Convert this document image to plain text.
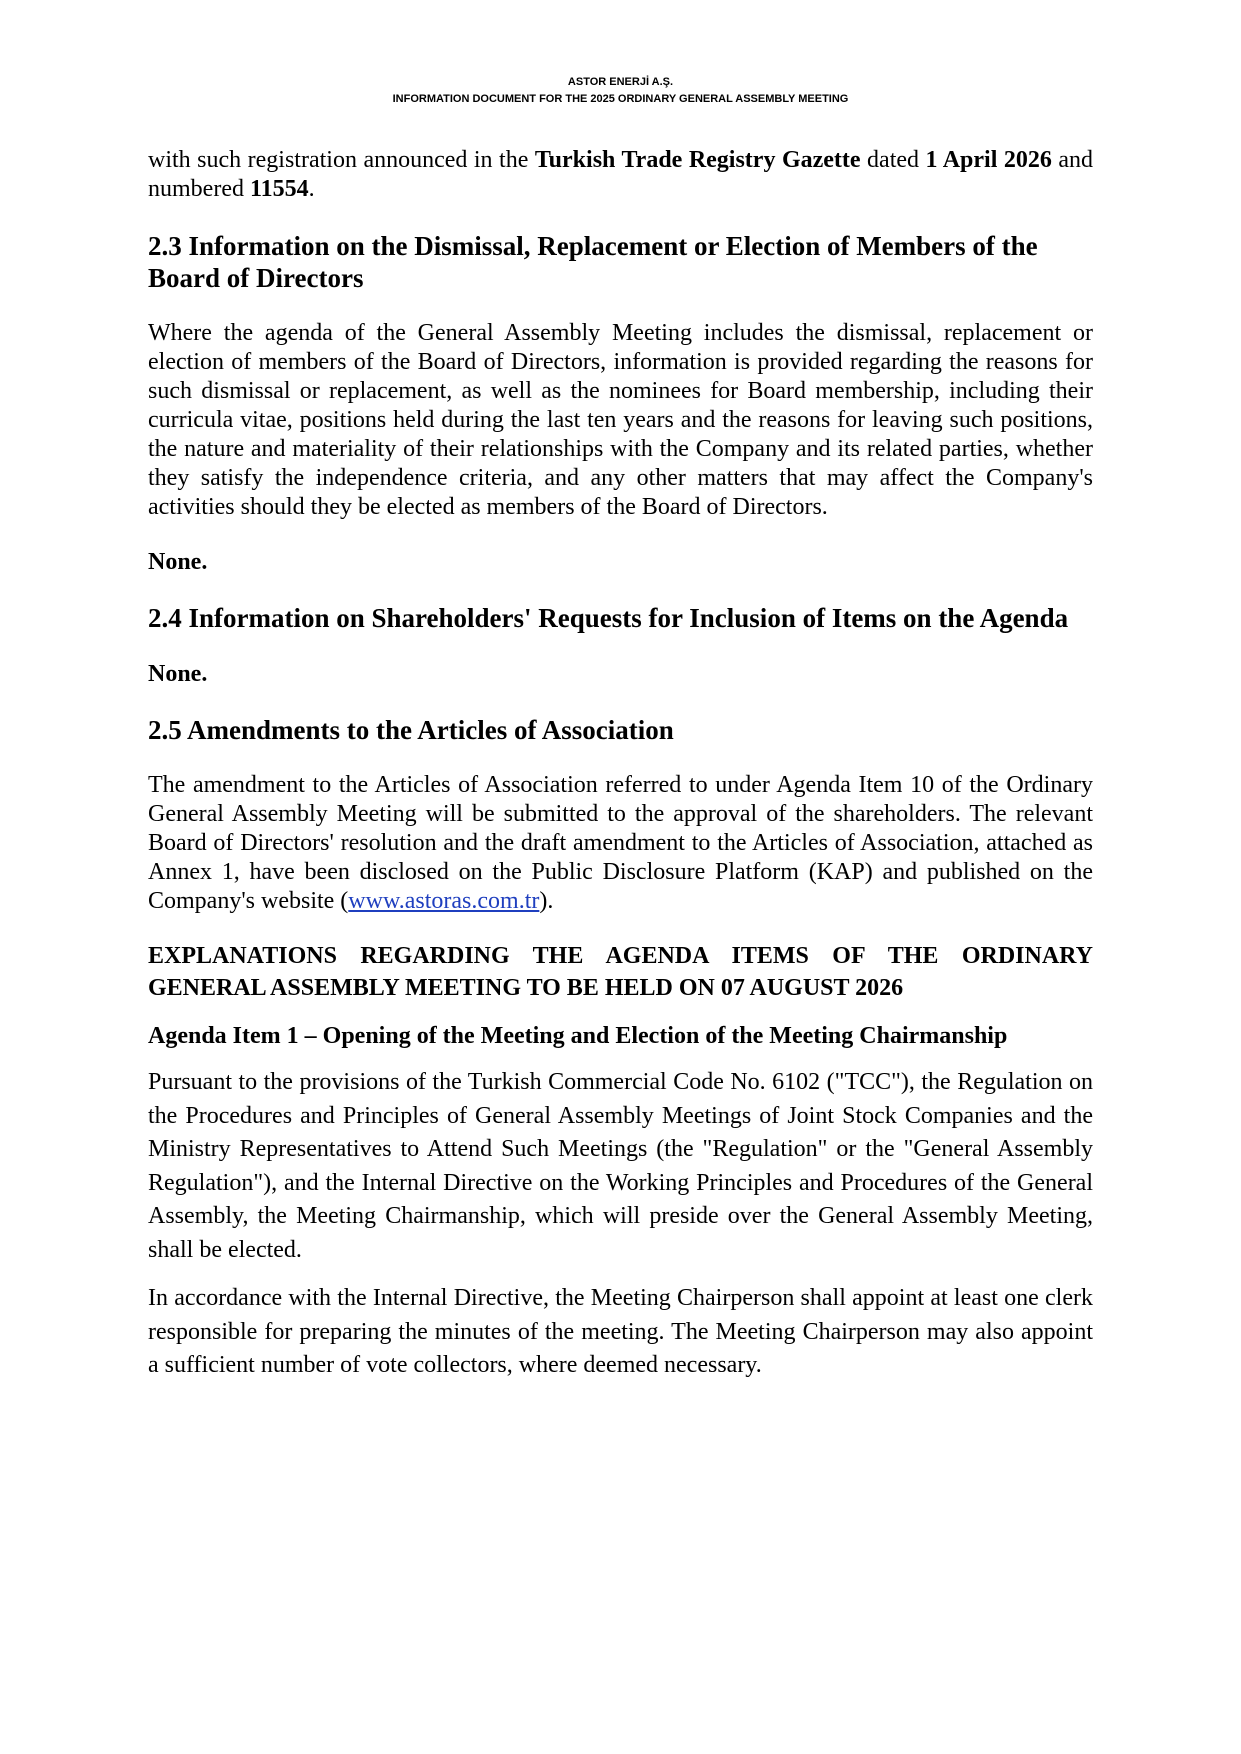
ASTOR ENERJİ A.Ş.
INFORMATION DOCUMENT FOR THE 2025 ORDINARY GENERAL ASSEMBLY MEETING

with such registration announced in the Turkish Trade Registry Gazette dated 1 April 2026 and numbered 11554.

2.3 Information on the Dismissal, Replacement or Election of Members of the Board of Directors

Where the agenda of the General Assembly Meeting includes the dismissal, replacement or election of members of the Board of Directors, information is provided regarding the reasons for such dismissal or replacement, as well as the nominees for Board membership, including their curricula vitae, positions held during the last ten years and the reasons for leaving such positions, the nature and materiality of their relationships with the Company and its related parties, whether they satisfy the independence criteria, and any other matters that may affect the Company's activities should they be elected as members of the Board of Directors.

None.

2.4 Information on Shareholders' Requests for Inclusion of Items on the Agenda

None.

2.5 Amendments to the Articles of Association

The amendment to the Articles of Association referred to under Agenda Item 10 of the Ordinary General Assembly Meeting will be submitted to the approval of the shareholders. The relevant Board of Directors' resolution and the draft amendment to the Articles of Association, attached as Annex 1, have been disclosed on the Public Disclosure Platform (KAP) and published on the Company's website (www.astoras.com.tr).

EXPLANATIONS REGARDING THE AGENDA ITEMS OF THE ORDINARY
GENERAL ASSEMBLY MEETING TO BE HELD ON 07 AUGUST 2026

Agenda Item 1 – Opening of the Meeting and Election of the Meeting Chairmanship

Pursuant to the provisions of the Turkish Commercial Code No. 6102 ("TCC"), the Regulation on the Procedures and Principles of General Assembly Meetings of Joint Stock Companies and the Ministry Representatives to Attend Such Meetings (the "Regulation" or the "General Assembly Regulation"), and the Internal Directive on the Working Principles and Procedures of the General Assembly, the Meeting Chairmanship, which will preside over the General Assembly Meeting, shall be elected.

In accordance with the Internal Directive, the Meeting Chairperson shall appoint at least one clerk responsible for preparing the minutes of the meeting. The Meeting Chairperson may also appoint a sufficient number of vote collectors, where deemed necessary.
